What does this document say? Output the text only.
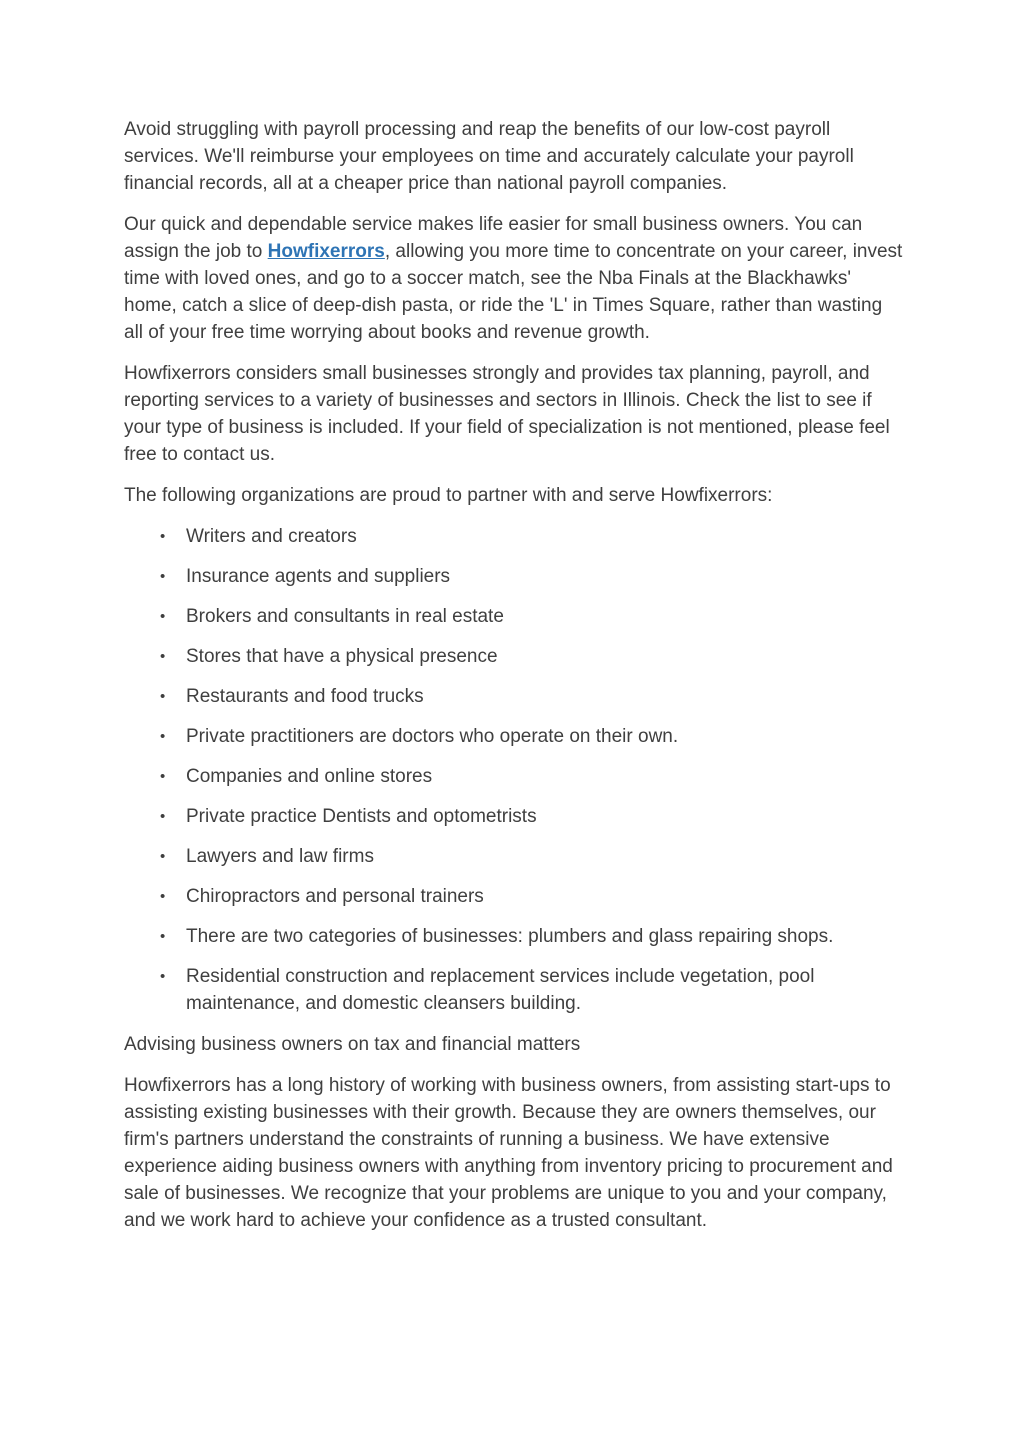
Avoid struggling with payroll processing and reap the benefits of our low-cost payroll services. We'll reimburse your employees on time and accurately calculate your payroll financial records, all at a cheaper price than national payroll companies.

Our quick and dependable service makes life easier for small business owners. You can assign the job to Howfixerrors, allowing you more time to concentrate on your career, invest time with loved ones, and go to a soccer match, see the Nba Finals at the Blackhawks' home, catch a slice of deep-dish pasta, or ride the 'L' in Times Square, rather than wasting all of your free time worrying about books and revenue growth.

Howfixerrors considers small businesses strongly and provides tax planning, payroll, and reporting services to a variety of businesses and sectors in Illinois. Check the list to see if your type of business is included. If your field of specialization is not mentioned, please feel free to contact us.

The following organizations are proud to partner with and serve Howfixerrors:

• Writers and creators
• Insurance agents and suppliers
• Brokers and consultants in real estate
• Stores that have a physical presence
• Restaurants and food trucks
• Private practitioners are doctors who operate on their own.
• Companies and online stores
• Private practice Dentists and optometrists
• Lawyers and law firms
• Chiropractors and personal trainers
• There are two categories of businesses: plumbers and glass repairing shops.
• Residential construction and replacement services include vegetation, pool maintenance, and domestic cleansers building.

Advising business owners on tax and financial matters

Howfixerrors has a long history of working with business owners, from assisting start-ups to assisting existing businesses with their growth. Because they are owners themselves, our firm's partners understand the constraints of running a business. We have extensive experience aiding business owners with anything from inventory pricing to procurement and sale of businesses. We recognize that your problems are unique to you and your company, and we work hard to achieve your confidence as a trusted consultant.
